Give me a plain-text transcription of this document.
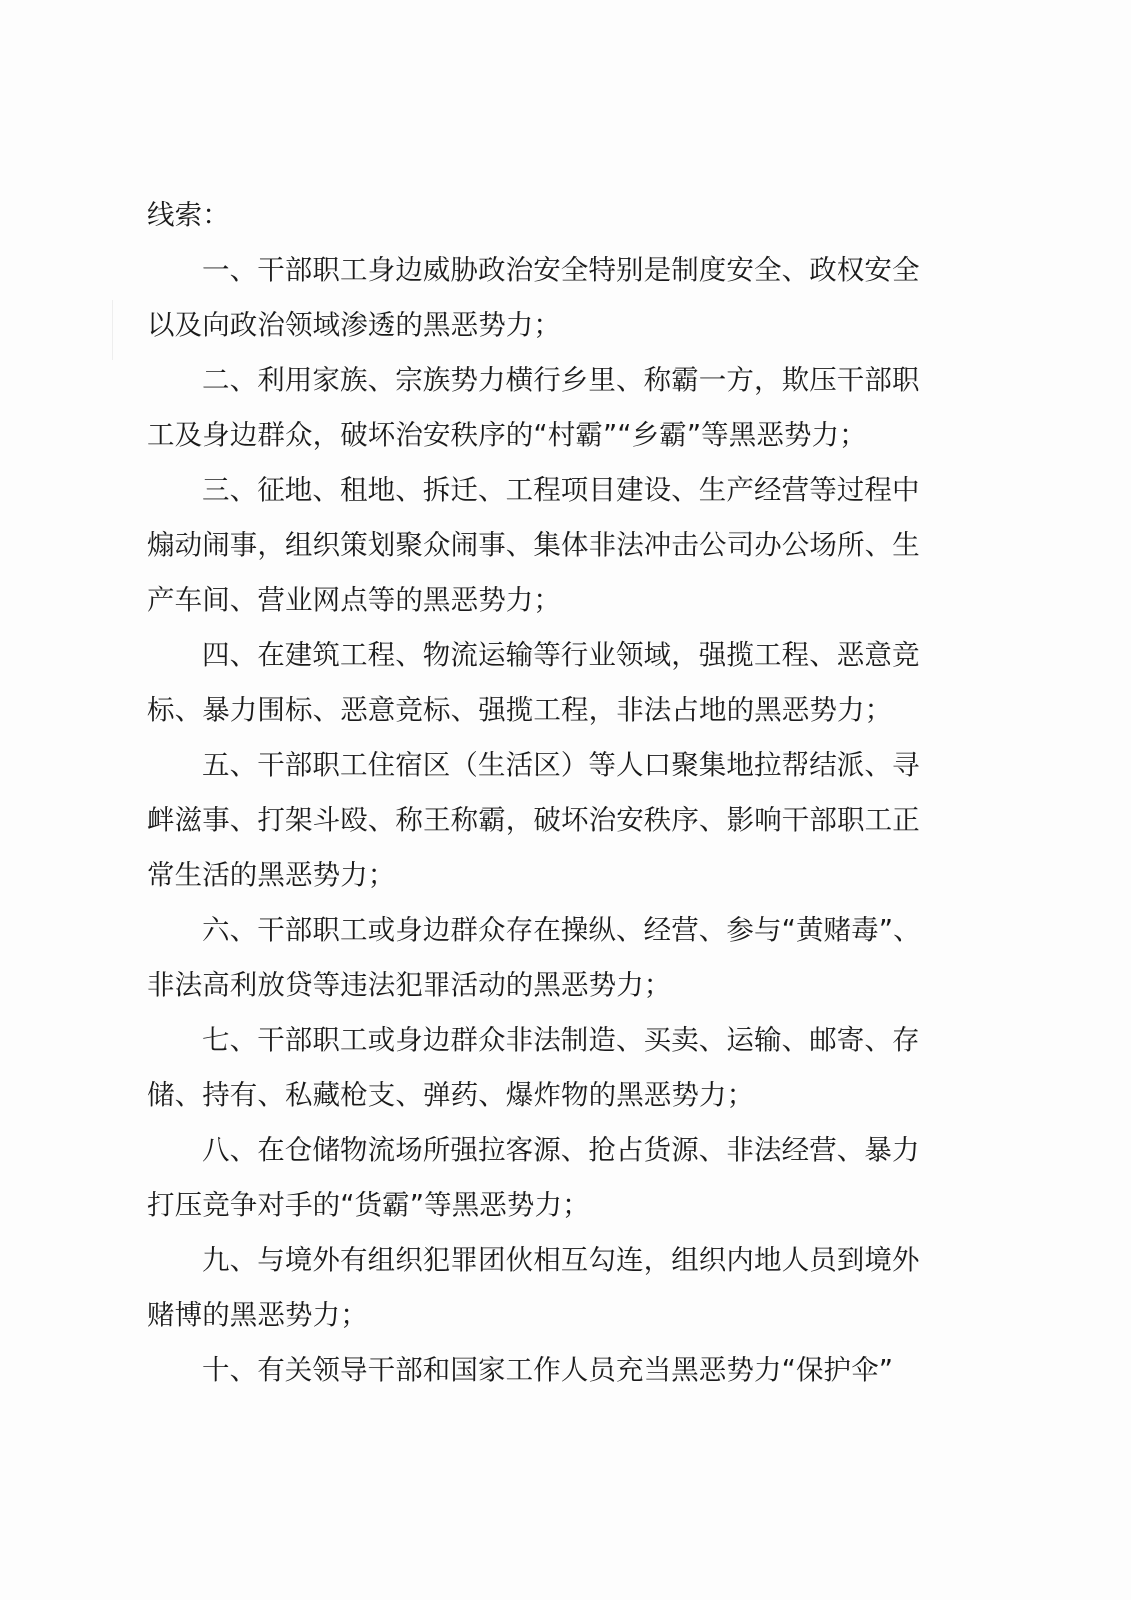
线索：
一、干部职工身边威胁政治安全特别是制度安全、政权安全
以及向政治领域渗透的黑恶势力；
二、利用家族、宗族势力横行乡里、称霸一方，欺压干部职
工及身边群众，破坏治安秩序的“村霸”“乡霸”等黑恶势力；
三、征地、租地、拆迁、工程项目建设、生产经营等过程中
煽动闹事，组织策划聚众闹事、集体非法冲击公司办公场所、生
产车间、营业网点等的黑恶势力；
四、在建筑工程、物流运输等行业领域，强揽工程、恶意竞
标、暴力围标、恶意竞标、强揽工程，非法占地的黑恶势力；
五、干部职工住宿区（生活区）等人口聚集地拉帮结派、寻
衅滋事、打架斗殴、称王称霸，破坏治安秩序、影响干部职工正
常生活的黑恶势力；
六、干部职工或身边群众存在操纵、经营、参与“黄赌毒”、
非法高利放贷等违法犯罪活动的黑恶势力；
七、干部职工或身边群众非法制造、买卖、运输、邮寄、存
储、持有、私藏枪支、弹药、爆炸物的黑恶势力；
八、在仓储物流场所强拉客源、抢占货源、非法经营、暴力
打压竞争对手的“货霸”等黑恶势力；
九、与境外有组织犯罪团伙相互勾连，组织内地人员到境外
赌博的黑恶势力；
十、有关领导干部和国家工作人员充当黑恶势力“保护伞”
